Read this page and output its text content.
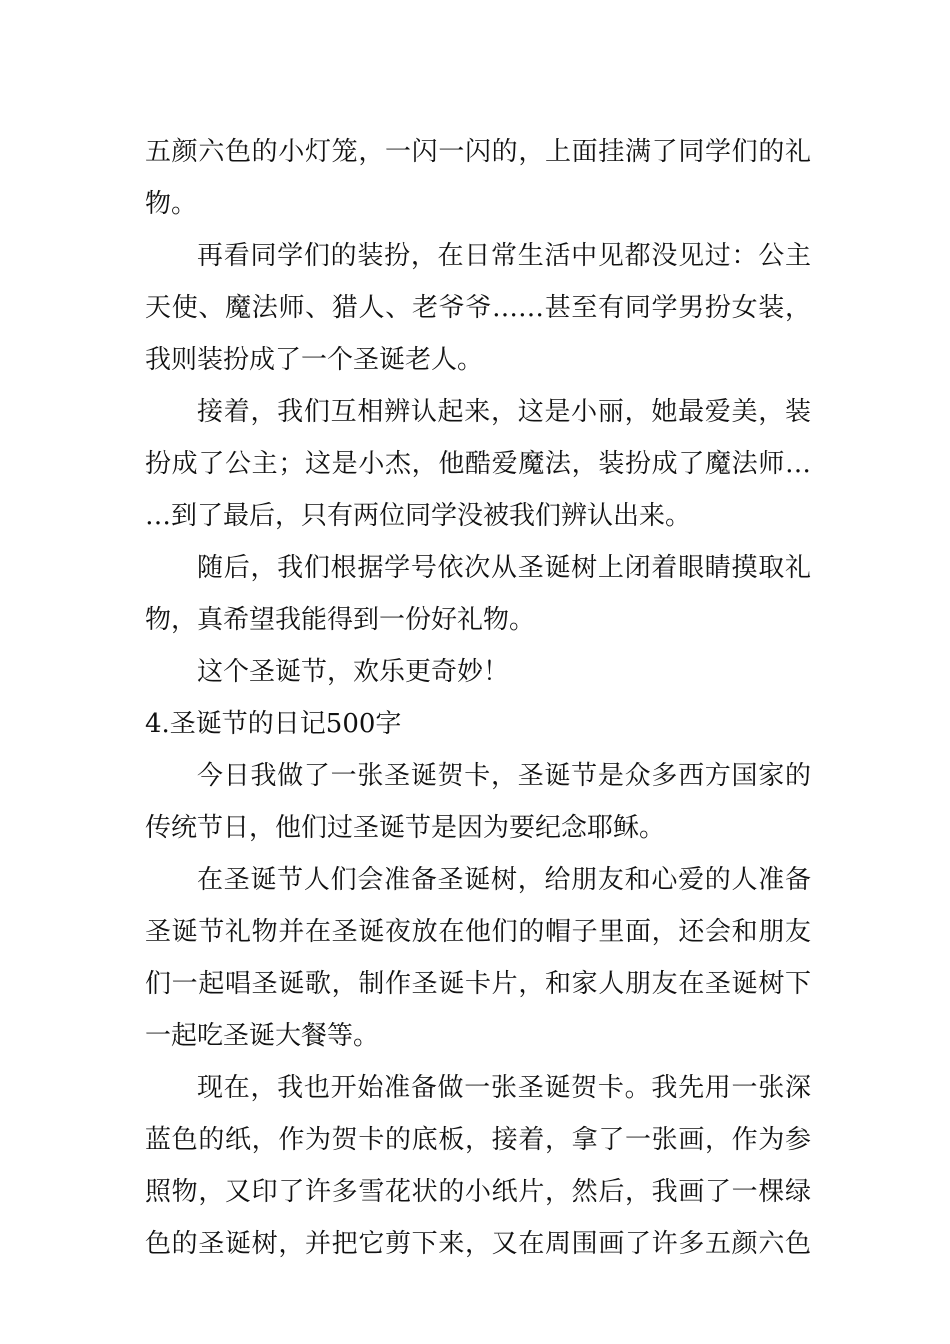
五颜六色的小灯笼，一闪一闪的，上面挂满了同学们的礼
物。
再看同学们的装扮，在日常生活中见都没见过：公主
天使、魔法师、猎人、老爷爷……甚至有同学男扮女装，
我则装扮成了一个圣诞老人。
接着，我们互相辨认起来，这是小丽，她最爱美，装
扮成了公主；这是小杰，他酷爱魔法，装扮成了魔法师…
…到了最后，只有两位同学没被我们辨认出来。
随后，我们根据学号依次从圣诞树上闭着眼睛摸取礼
物，真希望我能得到一份好礼物。
这个圣诞节，欢乐更奇妙！
4.圣诞节的日记500字
今日我做了一张圣诞贺卡，圣诞节是众多西方国家的
传统节日，他们过圣诞节是因为要纪念耶稣。
在圣诞节人们会准备圣诞树，给朋友和心爱的人准备
圣诞节礼物并在圣诞夜放在他们的帽子里面，还会和朋友
们一起唱圣诞歌，制作圣诞卡片，和家人朋友在圣诞树下
一起吃圣诞大餐等。
现在，我也开始准备做一张圣诞贺卡。我先用一张深
蓝色的纸，作为贺卡的底板，接着，拿了一张画，作为参
照物，又印了许多雪花状的小纸片，然后，我画了一棵绿
色的圣诞树，并把它剪下来，又在周围画了许多五颜六色
